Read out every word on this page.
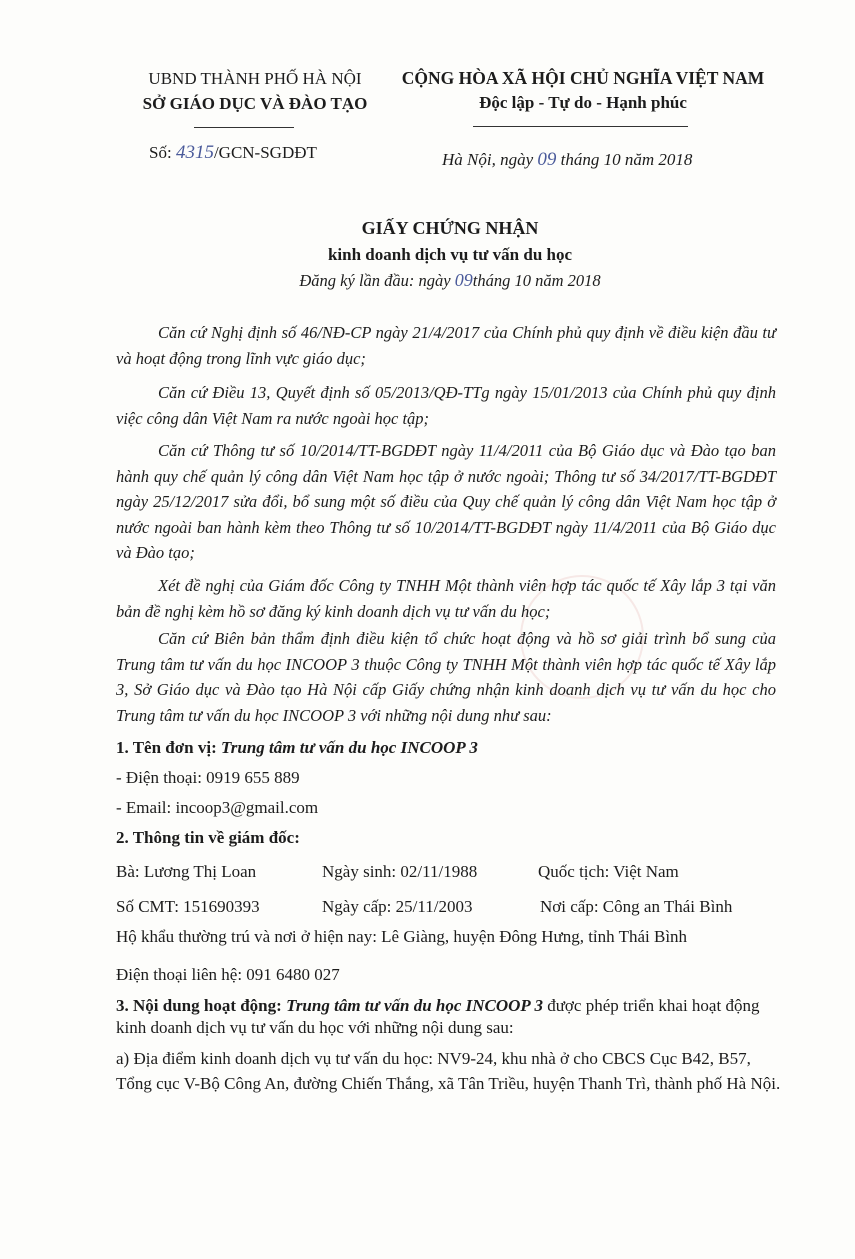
UBND THÀNH PHỐ HÀ NỘI
SỞ GIÁO DỤC VÀ ĐÀO TẠO
CỘNG HÒA XÃ HỘI CHỦ NGHĨA VIỆT NAM
Độc lập - Tự do - Hạnh phúc
Số: 4315/GCN-SGDĐT	Hà Nội, ngày 09 tháng 10 năm 2018
GIẤY CHỨNG NHẬN
kinh doanh dịch vụ tư vấn du học
Đăng ký lần đầu: ngày 09tháng 10 năm 2018
Căn cứ Nghị định số 46/NĐ-CP ngày 21/4/2017 của Chính phủ quy định về điều kiện đầu tư và hoạt động trong lĩnh vực giáo dục;
Căn cứ Điều 13, Quyết định số 05/2013/QĐ-TTg ngày 15/01/2013 của Chính phủ quy định việc công dân Việt Nam ra nước ngoài học tập;
Căn cứ Thông tư số 10/2014/TT-BGDĐT ngày 11/4/2011 của Bộ Giáo dục và Đào tạo ban hành quy chế quản lý công dân Việt Nam học tập ở nước ngoài; Thông tư số 34/2017/TT-BGDĐT ngày 25/12/2017 sửa đổi, bổ sung một số điều của Quy chế quản lý công dân Việt Nam học tập ở nước ngoài ban hành kèm theo Thông tư số 10/2014/TT-BGDĐT ngày 11/4/2011 của Bộ Giáo dục và Đào tạo;
Xét đề nghị của Giám đốc Công ty TNHH Một thành viên hợp tác quốc tế Xây lắp 3 tại văn bản đề nghị kèm hồ sơ đăng ký kinh doanh dịch vụ tư vấn du học;
Căn cứ Biên bản thẩm định điều kiện tổ chức hoạt động và hồ sơ giải trình bổ sung của Trung tâm tư vấn du học INCOOP 3 thuộc Công ty TNHH Một thành viên hợp tác quốc tế Xây lắp 3, Sở Giáo dục và Đào tạo Hà Nội cấp Giấy chứng nhận kinh doanh dịch vụ tư vấn du học cho Trung tâm tư vấn du học INCOOP 3 với những nội dung như sau:
1. Tên đơn vị: Trung tâm tư vấn du học INCOOP 3
- Điện thoại: 0919 655 889
- Email: incoop3@gmail.com
2. Thông tin về giám đốc:
Bà: Lương Thị Loan	Ngày sinh: 02/11/1988	Quốc tịch: Việt Nam
Số CMT: 151690393	Ngày cấp: 25/11/2003	Nơi cấp: Công an Thái Bình
Hộ khẩu thường trú và nơi ở hiện nay: Lê Giàng, huyện Đông Hưng, tỉnh Thái Bình
Điện thoại liên hệ: 091 6480 027
3. Nội dung hoạt động: Trung tâm tư vấn du học INCOOP 3 được phép triển khai hoạt động kinh doanh dịch vụ tư vấn du học với những nội dung sau:
a) Địa điểm kinh doanh dịch vụ tư vấn du học: NV9-24, khu nhà ở cho CBCS Cục B42, B57, Tổng cục V-Bộ Công An, đường Chiến Thắng, xã Tân Triều, huyện Thanh Trì, thành phố Hà Nội.
